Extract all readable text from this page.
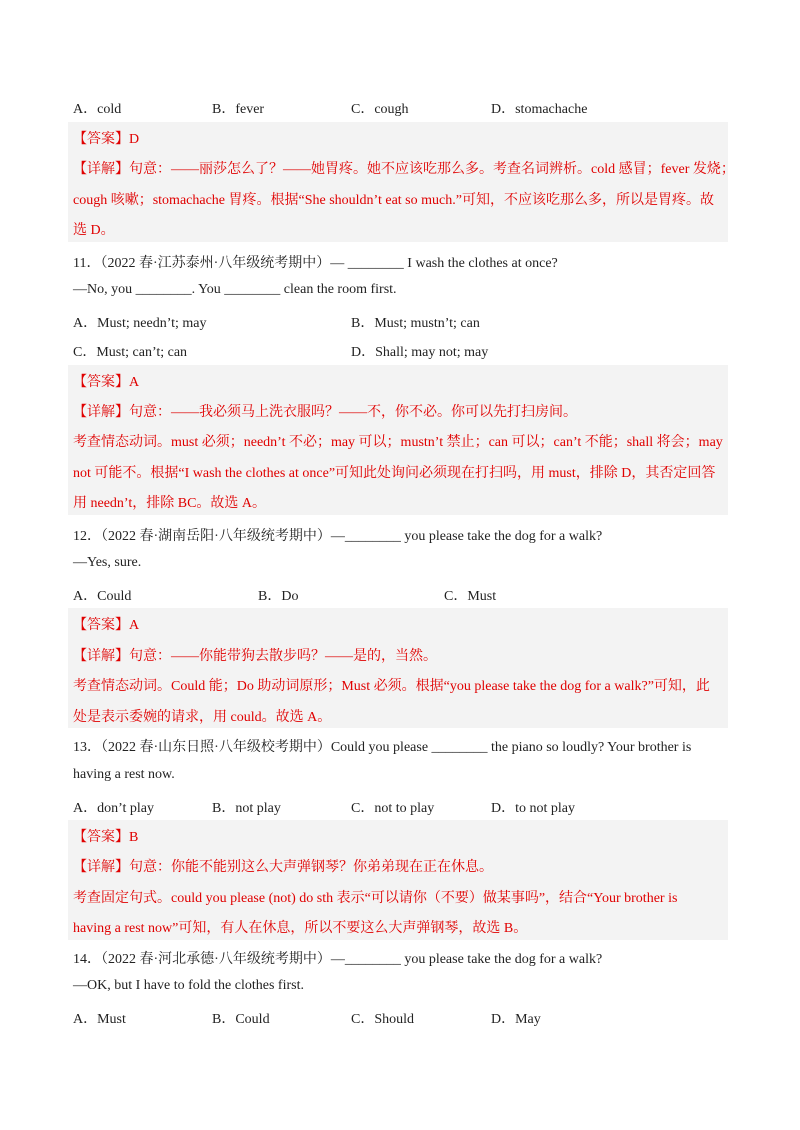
A．cold	B．fever	C．cough	D．stomachache
【答案】D
【详解】句意：——丽莎怎么了？——她胃疼。她不应该吃那么多。考查名词辨析。cold 感冒；fever 发烧；
cough 咳嗽；stomachache 胃疼。根据“She shouldn’t eat so much.”可知，不应该吃那么多，所以是胃疼。故
选 D。
11．（2022 春·江苏泰州·八年级统考期中）— ________ I wash the clothes at once?
—No, you ________. You ________ clean the room first.
A．Must; needn’t; may	B．Must; mustn’t; can
C．Must; can’t; can	D．Shall; may not; may
【答案】A
【详解】句意：——我必须马上洗衣服吗？——不，你不必。你可以先打扫房间。
考查情态动词。must 必须；needn’t 不必；may 可以；mustn’t 禁止；can 可以；can’t 不能；shall 将会；may
not 可能不。根据“I wash the clothes at once”可知此处询问必须现在打扫吗，用 must，排除 D，其否定回答
用 needn’t，排除 BC。故选 A。
12．（2022 春·湖南岳阳·八年级统考期中）—________ you please take the dog for a walk?
—Yes, sure.
A．Could	B．Do	C．Must
【答案】A
【详解】句意：——你能带狗去散步吗？——是的，当然。
考查情态动词。Could 能；Do 助动词原形；Must 必须。根据“you please take the dog for a walk?”可知，此
处是表示委婉的请求，用 could。故选 A。
13．（2022 春·山东日照·八年级校考期中）Could you please ________ the piano so loudly? Your brother is
having a rest now.
A．don’t play	B．not play	C．not to play	D．to not play
【答案】B
【详解】句意：你能不能别这么大声弹钢琴？你弟弟现在正在休息。
考查固定句式。could you please (not) do sth 表示“可以请你（不要）做某事吗”，结合“Your brother is
having a rest now”可知，有人在休息，所以不要这么大声弹钢琴，故选 B。
14．（2022 春·河北承德·八年级统考期中）—________ you please take the dog for a walk?
—OK, but I have to fold the clothes first.
A．Must	B．Could	C．Should	D．May
